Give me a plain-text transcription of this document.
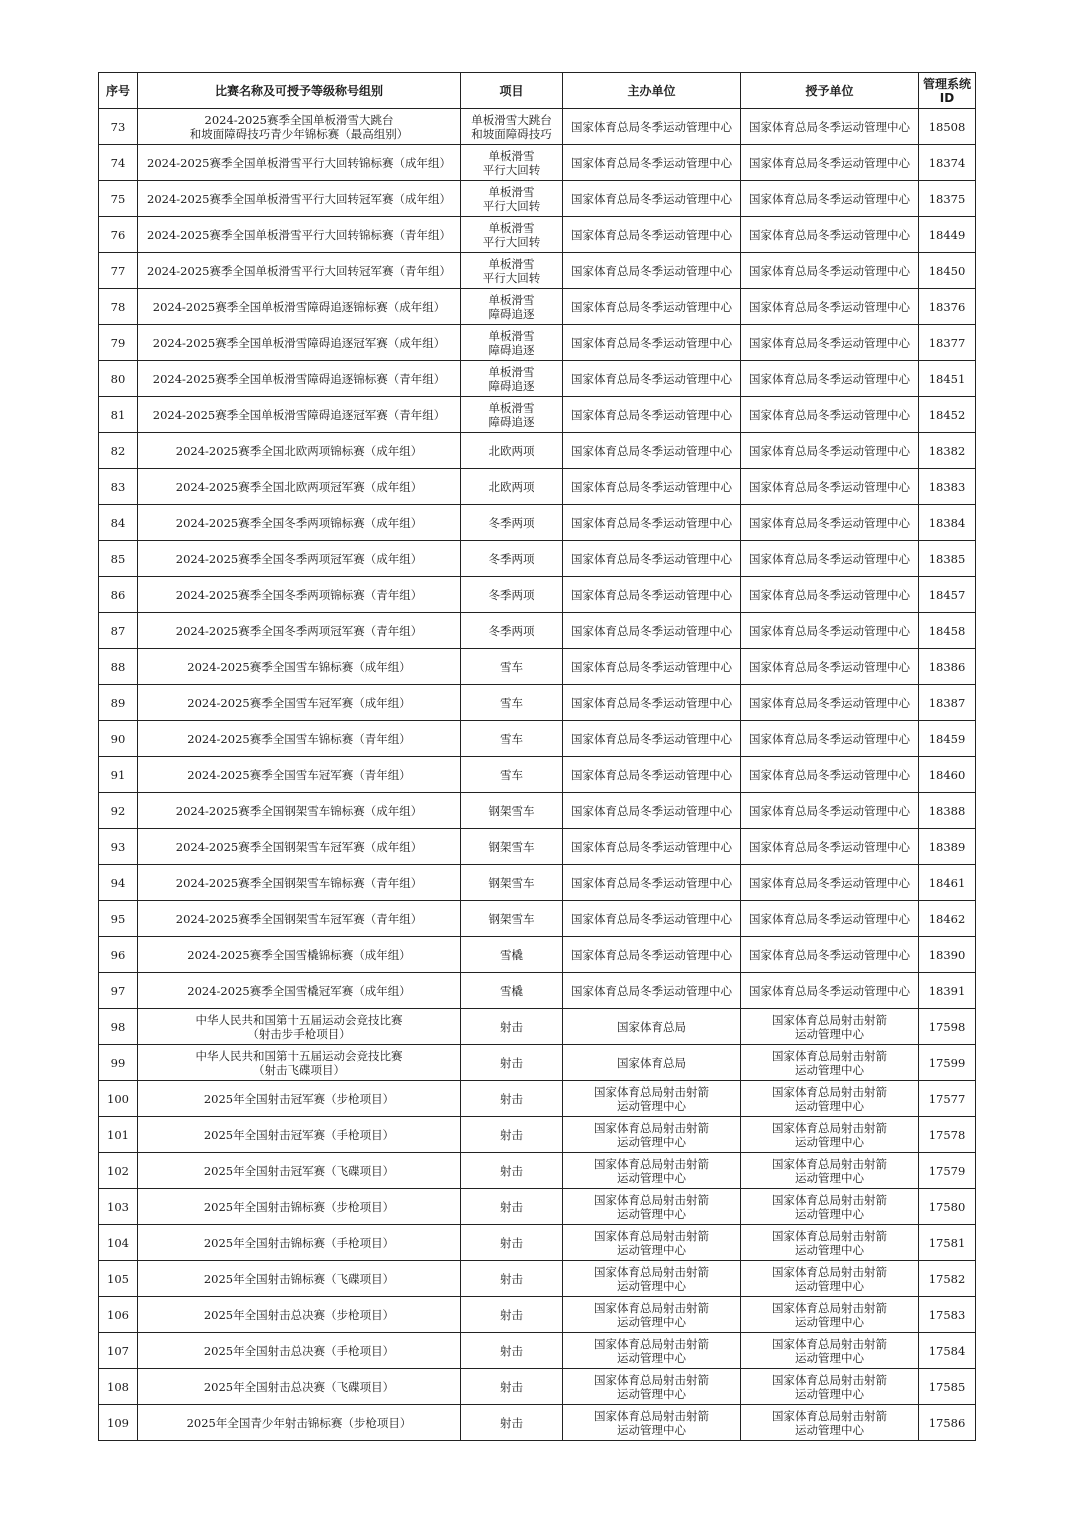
序号	比赛名称及可授予等级称号组别	项目	主办单位	授予单位	管理系统
ID
73	2024-2025赛季全国单板滑雪大跳台
和坡面障碍技巧青少年锦标赛（最高组别）	单板滑雪大跳台
和坡面障碍技巧	国家体育总局冬季运动管理中心	国家体育总局冬季运动管理中心	18508
74	2024-2025赛季全国单板滑雪平行大回转锦标赛（成年组）	单板滑雪
平行大回转	国家体育总局冬季运动管理中心	国家体育总局冬季运动管理中心	18374
75	2024-2025赛季全国单板滑雪平行大回转冠军赛（成年组）	单板滑雪
平行大回转	国家体育总局冬季运动管理中心	国家体育总局冬季运动管理中心	18375
76	2024-2025赛季全国单板滑雪平行大回转锦标赛（青年组）	单板滑雪
平行大回转	国家体育总局冬季运动管理中心	国家体育总局冬季运动管理中心	18449
77	2024-2025赛季全国单板滑雪平行大回转冠军赛（青年组）	单板滑雪
平行大回转	国家体育总局冬季运动管理中心	国家体育总局冬季运动管理中心	18450
78	2024-2025赛季全国单板滑雪障碍追逐锦标赛（成年组）	单板滑雪
障碍追逐	国家体育总局冬季运动管理中心	国家体育总局冬季运动管理中心	18376
79	2024-2025赛季全国单板滑雪障碍追逐冠军赛（成年组）	单板滑雪
障碍追逐	国家体育总局冬季运动管理中心	国家体育总局冬季运动管理中心	18377
80	2024-2025赛季全国单板滑雪障碍追逐锦标赛（青年组）	单板滑雪
障碍追逐	国家体育总局冬季运动管理中心	国家体育总局冬季运动管理中心	18451
81	2024-2025赛季全国单板滑雪障碍追逐冠军赛（青年组）	单板滑雪
障碍追逐	国家体育总局冬季运动管理中心	国家体育总局冬季运动管理中心	18452
82	2024-2025赛季全国北欧两项锦标赛（成年组）	北欧两项	国家体育总局冬季运动管理中心	国家体育总局冬季运动管理中心	18382
83	2024-2025赛季全国北欧两项冠军赛（成年组）	北欧两项	国家体育总局冬季运动管理中心	国家体育总局冬季运动管理中心	18383
84	2024-2025赛季全国冬季两项锦标赛（成年组）	冬季两项	国家体育总局冬季运动管理中心	国家体育总局冬季运动管理中心	18384
85	2024-2025赛季全国冬季两项冠军赛（成年组）	冬季两项	国家体育总局冬季运动管理中心	国家体育总局冬季运动管理中心	18385
86	2024-2025赛季全国冬季两项锦标赛（青年组）	冬季两项	国家体育总局冬季运动管理中心	国家体育总局冬季运动管理中心	18457
87	2024-2025赛季全国冬季两项冠军赛（青年组）	冬季两项	国家体育总局冬季运动管理中心	国家体育总局冬季运动管理中心	18458
88	2024-2025赛季全国雪车锦标赛（成年组）	雪车	国家体育总局冬季运动管理中心	国家体育总局冬季运动管理中心	18386
89	2024-2025赛季全国雪车冠军赛（成年组）	雪车	国家体育总局冬季运动管理中心	国家体育总局冬季运动管理中心	18387
90	2024-2025赛季全国雪车锦标赛（青年组）	雪车	国家体育总局冬季运动管理中心	国家体育总局冬季运动管理中心	18459
91	2024-2025赛季全国雪车冠军赛（青年组）	雪车	国家体育总局冬季运动管理中心	国家体育总局冬季运动管理中心	18460
92	2024-2025赛季全国钢架雪车锦标赛（成年组）	钢架雪车	国家体育总局冬季运动管理中心	国家体育总局冬季运动管理中心	18388
93	2024-2025赛季全国钢架雪车冠军赛（成年组）	钢架雪车	国家体育总局冬季运动管理中心	国家体育总局冬季运动管理中心	18389
94	2024-2025赛季全国钢架雪车锦标赛（青年组）	钢架雪车	国家体育总局冬季运动管理中心	国家体育总局冬季运动管理中心	18461
95	2024-2025赛季全国钢架雪车冠军赛（青年组）	钢架雪车	国家体育总局冬季运动管理中心	国家体育总局冬季运动管理中心	18462
96	2024-2025赛季全国雪橇锦标赛（成年组）	雪橇	国家体育总局冬季运动管理中心	国家体育总局冬季运动管理中心	18390
97	2024-2025赛季全国雪橇冠军赛（成年组）	雪橇	国家体育总局冬季运动管理中心	国家体育总局冬季运动管理中心	18391
98	中华人民共和国第十五届运动会竞技比赛
（射击步手枪项目）	射击	国家体育总局	国家体育总局射击射箭
运动管理中心	17598
99	中华人民共和国第十五届运动会竞技比赛
（射击飞碟项目）	射击	国家体育总局	国家体育总局射击射箭
运动管理中心	17599
100	2025年全国射击冠军赛（步枪项目）	射击	国家体育总局射击射箭
运动管理中心	国家体育总局射击射箭
运动管理中心	17577
101	2025年全国射击冠军赛（手枪项目）	射击	国家体育总局射击射箭
运动管理中心	国家体育总局射击射箭
运动管理中心	17578
102	2025年全国射击冠军赛（飞碟项目）	射击	国家体育总局射击射箭
运动管理中心	国家体育总局射击射箭
运动管理中心	17579
103	2025年全国射击锦标赛（步枪项目）	射击	国家体育总局射击射箭
运动管理中心	国家体育总局射击射箭
运动管理中心	17580
104	2025年全国射击锦标赛（手枪项目）	射击	国家体育总局射击射箭
运动管理中心	国家体育总局射击射箭
运动管理中心	17581
105	2025年全国射击锦标赛（飞碟项目）	射击	国家体育总局射击射箭
运动管理中心	国家体育总局射击射箭
运动管理中心	17582
106	2025年全国射击总决赛（步枪项目）	射击	国家体育总局射击射箭
运动管理中心	国家体育总局射击射箭
运动管理中心	17583
107	2025年全国射击总决赛（手枪项目）	射击	国家体育总局射击射箭
运动管理中心	国家体育总局射击射箭
运动管理中心	17584
108	2025年全国射击总决赛（飞碟项目）	射击	国家体育总局射击射箭
运动管理中心	国家体育总局射击射箭
运动管理中心	17585
109	2025年全国青少年射击锦标赛（步枪项目）	射击	国家体育总局射击射箭
运动管理中心	国家体育总局射击射箭
运动管理中心	17586
